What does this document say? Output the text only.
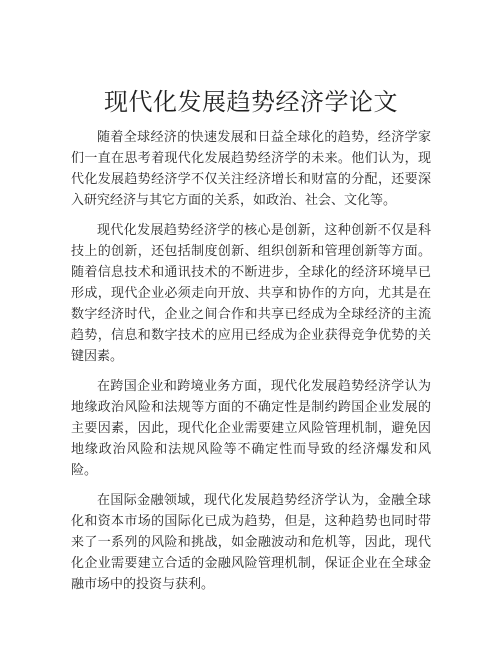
现代化发展趋势经济学论文

随着全球经济的快速发展和日益全球化的趋势，经济学家们一直在思考着现代化发展趋势经济学的未来。他们认为，现代化发展趋势经济学不仅关注经济增长和财富的分配，还要深入研究经济与其它方面的关系，如政治、社会、文化等。

现代化发展趋势经济学的核心是创新，这种创新不仅是科技上的创新，还包括制度创新、组织创新和管理创新等方面。随着信息技术和通讯技术的不断进步，全球化的经济环境早已形成，现代企业必须走向开放、共享和协作的方向，尤其是在数字经济时代，企业之间合作和共享已经成为全球经济的主流趋势，信息和数字技术的应用已经成为企业获得竞争优势的关键因素。

在跨国企业和跨境业务方面，现代化发展趋势经济学认为地缘政治风险和法规等方面的不确定性是制约跨国企业发展的主要因素，因此，现代化企业需要建立风险管理机制，避免因地缘政治风险和法规风险等不确定性而导致的经济爆发和风险。

在国际金融领域，现代化发展趋势经济学认为，金融全球化和资本市场的国际化已成为趋势，但是，这种趋势也同时带来了一系列的风险和挑战，如金融波动和危机等，因此，现代化企业需要建立合适的金融风险管理机制，保证企业在全球金融市场中的投资与获利。
